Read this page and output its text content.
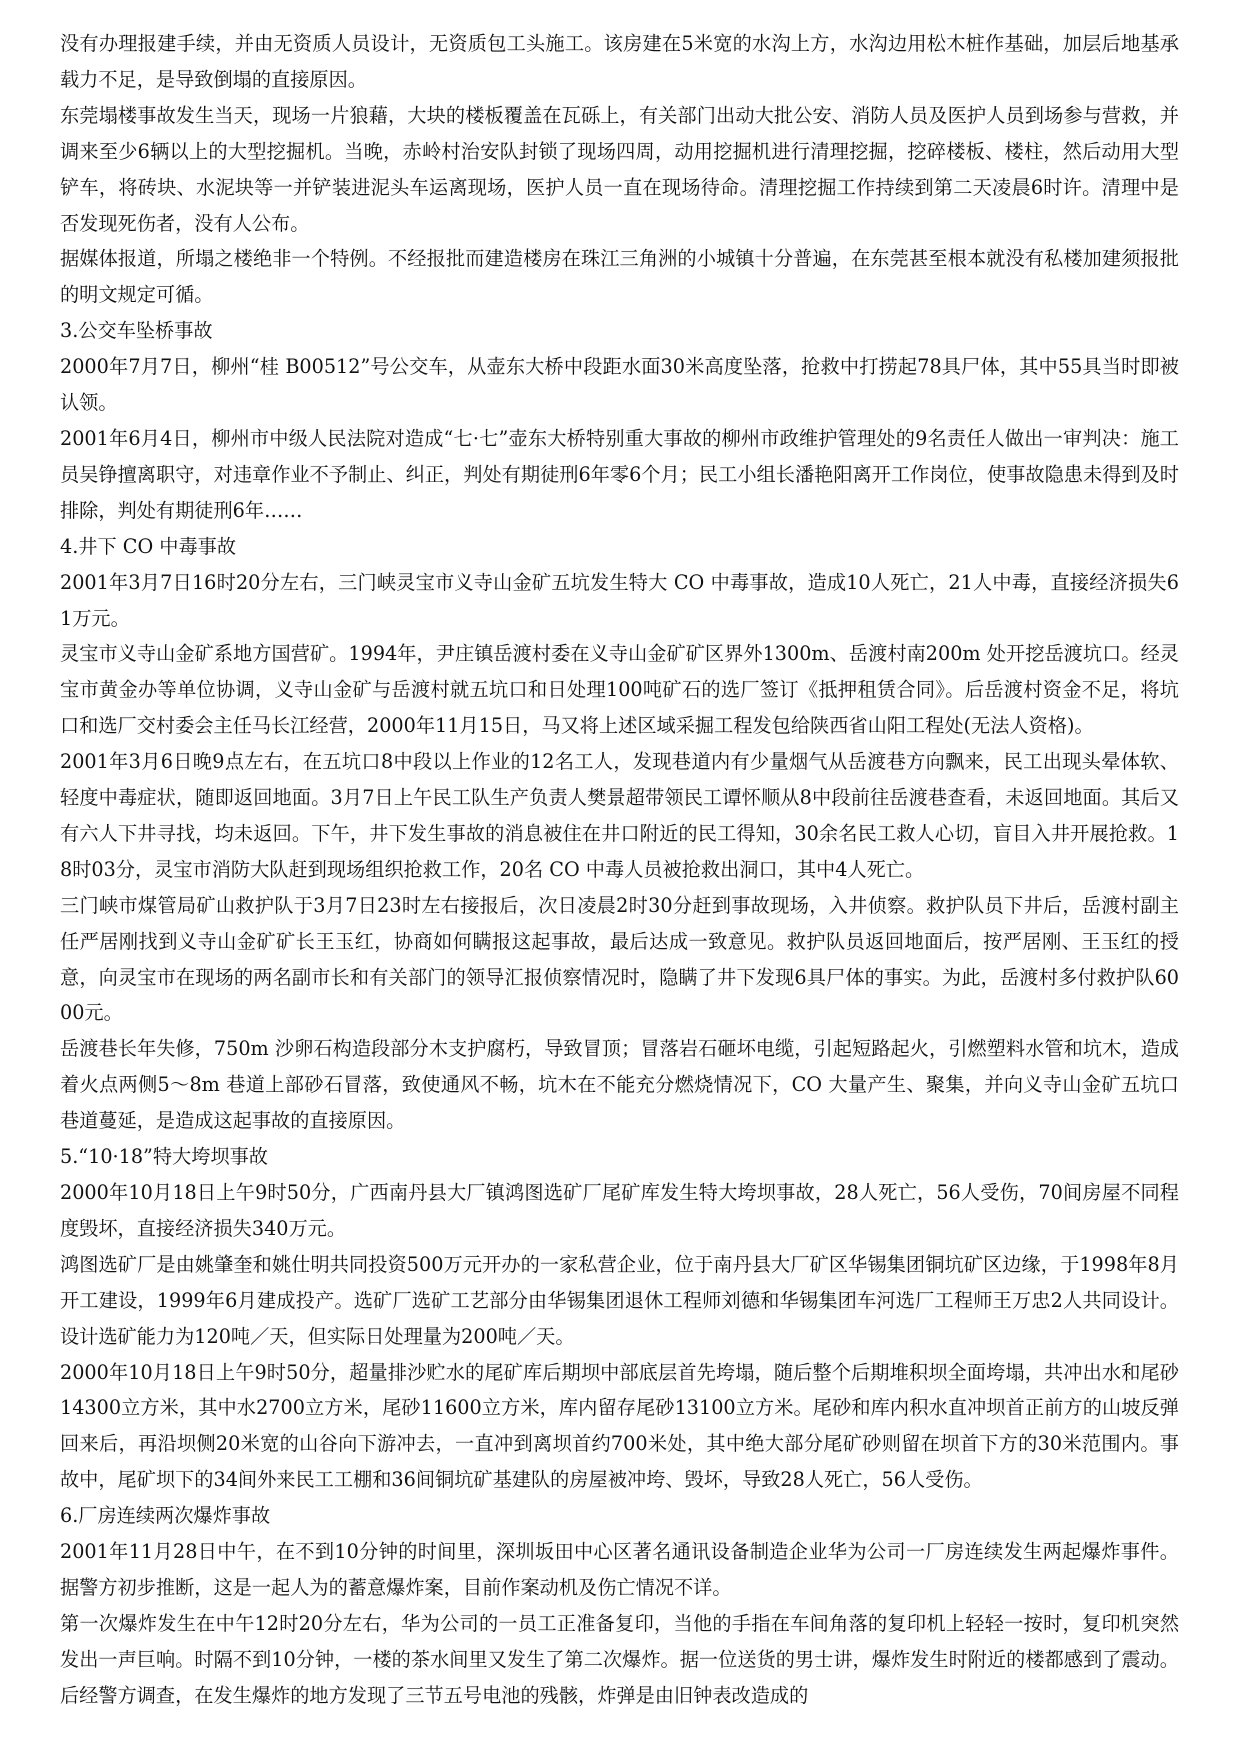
没有办理报建手续，并由无资质人员设计，无资质包工头施工。该房建在5米宽的水沟上方，水沟边用松木桩作基础，加层后地基承载力不足，是导致倒塌的直接原因。

东莞塌楼事故发生当天，现场一片狼藉，大块的楼板覆盖在瓦砾上，有关部门出动大批公安、消防人员及医护人员到场参与营救，并调来至少6辆以上的大型挖掘机。当晚，赤岭村治安队封锁了现场四周，动用挖掘机进行清理挖掘，挖碎楼板、楼柱，然后动用大型铲车，将砖块、水泥块等一并铲装进泥头车运离现场，医护人员一直在现场待命。清理挖掘工作持续到第二天凌晨6时许。清理中是否发现死伤者，没有人公布。

据媒体报道，所塌之楼绝非一个特例。不经报批而建造楼房在珠江三角洲的小城镇十分普遍，在东莞甚至根本就没有私楼加建须报批的明文规定可循。

3.公交车坠桥事故

2000年7月7日，柳州“桂 B00512”号公交车，从壶东大桥中段距水面30米高度坠落，抢救中打捞起78具尸体，其中55具当时即被认领。

2001年6月4日，柳州市中级人民法院对造成“七·七”壶东大桥特别重大事故的柳州市政维护管理处的9名责任人做出一审判决：施工员吴铮擅离职守，对违章作业不予制止、纠正，判处有期徒刑6年零6个月；民工小组长潘艳阳离开工作岗位，使事故隐患未得到及时排除，判处有期徒刑6年……

4.井下 CO 中毒事故

2001年3月7日16时20分左右，三门峡灵宝市义寺山金矿五坑发生特大 CO 中毒事故，造成10人死亡，21人中毒，直接经济损失61万元。

灵宝市义寺山金矿系地方国营矿。1994年，尹庄镇岳渡村委在义寺山金矿矿区界外1300m、岳渡村南200m 处开挖岳渡坑口。经灵宝市黄金办等单位协调，义寺山金矿与岳渡村就五坑口和日处理100吨矿石的选厂签订《抵押租赁合同》。后岳渡村资金不足，将坑口和选厂交村委会主任马长江经营，2000年11月15日，马又将上述区域采掘工程发包给陕西省山阳工程处(无法人资格)。

2001年3月6日晚9点左右，在五坑口8中段以上作业的12名工人，发现巷道内有少量烟气从岳渡巷方向飘来，民工出现头晕体软、轻度中毒症状，随即返回地面。3月7日上午民工队生产负责人樊景超带领民工谭怀顺从8中段前往岳渡巷查看，未返回地面。其后又有六人下井寻找，均未返回。下午，井下发生事故的消息被住在井口附近的民工得知，30余名民工救人心切，盲目入井开展抢救。18时03分，灵宝市消防大队赶到现场组织抢救工作，20名 CO 中毒人员被抢救出洞口，其中4人死亡。

三门峡市煤管局矿山救护队于3月7日23时左右接报后，次日凌晨2时30分赶到事故现场，入井侦察。救护队员下井后，岳渡村副主任严居刚找到义寺山金矿矿长王玉红，协商如何瞒报这起事故，最后达成一致意见。救护队员返回地面后，按严居刚、王玉红的授意，向灵宝市在现场的两名副市长和有关部门的领导汇报侦察情况时，隐瞒了井下发现6具尸体的事实。为此，岳渡村多付救护队6000元。

岳渡巷长年失修，750m 沙卵石构造段部分木支护腐朽，导致冒顶；冒落岩石砸坏电缆，引起短路起火，引燃塑料水管和坑木，造成着火点两侧5～8m 巷道上部砂石冒落，致使通风不畅，坑木在不能充分燃烧情况下，CO 大量产生、聚集，并向义寺山金矿五坑口巷道蔓延，是造成这起事故的直接原因。

5.“10·18”特大垮坝事故

2000年10月18日上午9时50分，广西南丹县大厂镇鸿图选矿厂尾矿库发生特大垮坝事故，28人死亡，56人受伤，70间房屋不同程度毁坏，直接经济损失340万元。

鸿图选矿厂是由姚肇奎和姚仕明共同投资500万元开办的一家私营企业，位于南丹县大厂矿区华锡集团铜坑矿区边缘，于1998年8月开工建设，1999年6月建成投产。选矿厂选矿工艺部分由华锡集团退休工程师刘德和华锡集团车河选厂工程师王万忠2人共同设计。设计选矿能力为120吨／天，但实际日处理量为200吨／天。

2000年10月18日上午9时50分，超量排沙贮水的尾矿库后期坝中部底层首先垮塌，随后整个后期堆积坝全面垮塌，共冲出水和尾砂14300立方米，其中水2700立方米，尾砂11600立方米，库内留存尾砂13100立方米。尾砂和库内积水直冲坝首正前方的山坡反弹回来后，再沿坝侧20米宽的山谷向下游冲去，一直冲到离坝首约700米处，其中绝大部分尾矿砂则留在坝首下方的30米范围内。事故中，尾矿坝下的34间外来民工工棚和36间铜坑矿基建队的房屋被冲垮、毁坏，导致28人死亡，56人受伤。

6.厂房连续两次爆炸事故

2001年11月28日中午，在不到10分钟的时间里，深圳坂田中心区著名通讯设备制造企业华为公司一厂房连续发生两起爆炸事件。据警方初步推断，这是一起人为的蓄意爆炸案，目前作案动机及伤亡情况不详。

第一次爆炸发生在中午12时20分左右，华为公司的一员工正准备复印，当他的手指在车间角落的复印机上轻轻一按时，复印机突然发出一声巨响。时隔不到10分钟，一楼的茶水间里又发生了第二次爆炸。据一位送货的男士讲，爆炸发生时附近的楼都感到了震动。后经警方调查，在发生爆炸的地方发现了三节五号电池的残骸，炸弹是由旧钟表改造成的
